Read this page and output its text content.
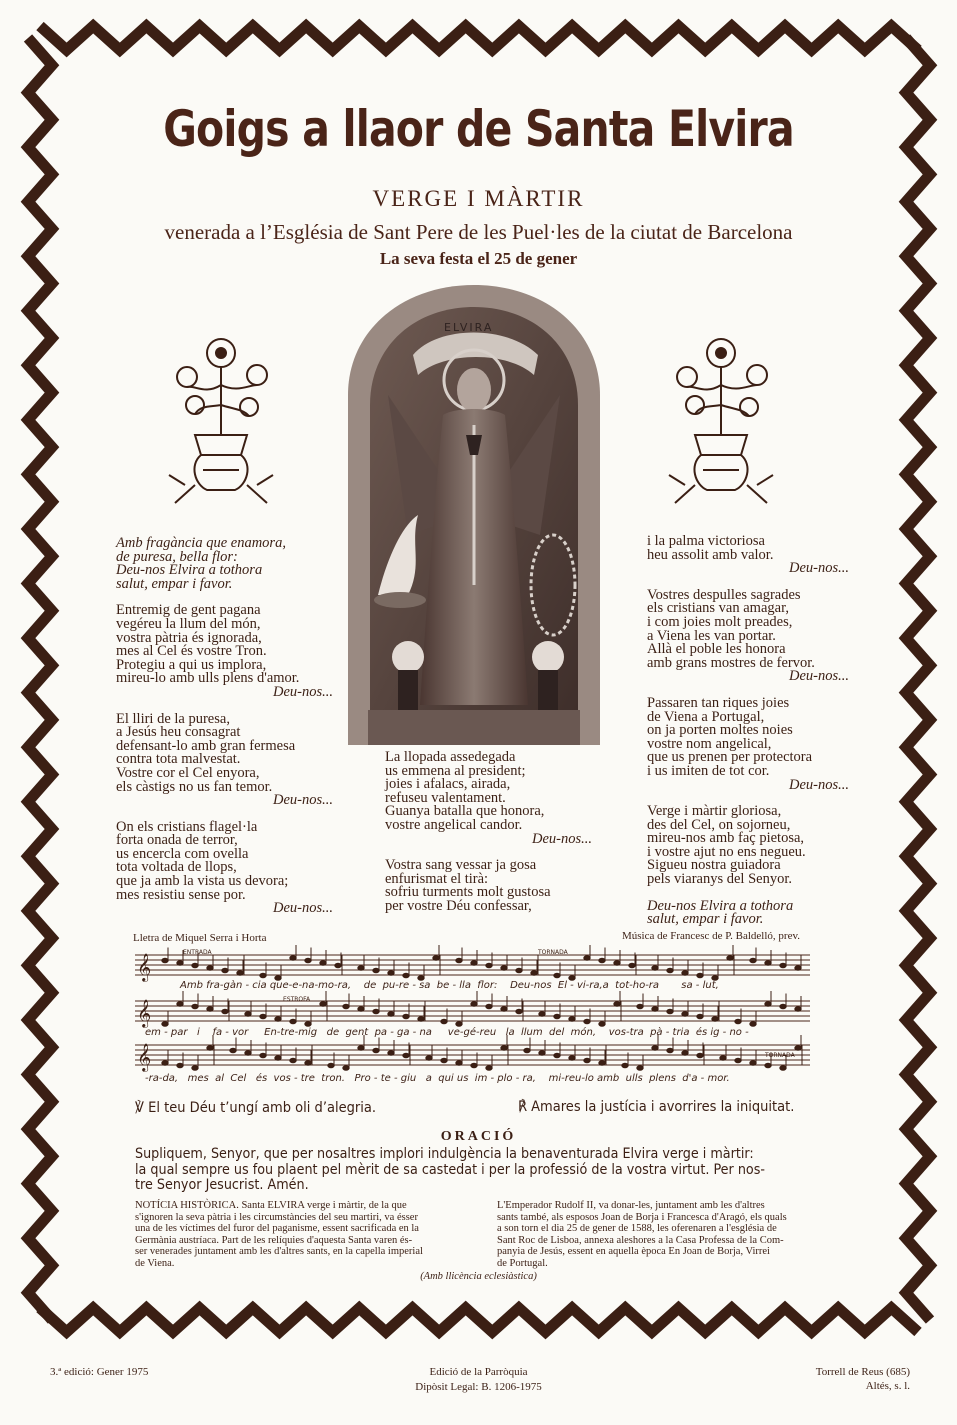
Goigs a llaor de Santa Elvira
VERGE I MÀRTIR
venerada a l’Església de Sant Pere de les Puel·les de la ciutat de Barcelona
La seva festa el 25 de gener
ELVIRA
Amb fragància que enamora,
de puresa, bella flor:
Deu-nos Elvira a tothora
salut, empar i favor.
Entremig de gent pagana
vegéreu la llum del món,
vostra pàtria és ignorada,
mes al Cel és vostre Tron.
Protegiu a qui us implora,
mireu-lo amb ulls plens d'amor.
Deu-nos...
El lliri de la puresa,
a Jesús heu consagrat
defensant-lo amb gran fermesa
contra tota malvestat.
Vostre cor el Cel enyora,
els càstigs no us fan temor.
Deu-nos...
On els cristians flagel·la
forta onada de terror,
us encercla com ovella
tota voltada de llops,
que ja amb la vista us devora;
mes resistiu sense por.
Deu-nos...
La llopada assedegada
us emmena al president;
joies i afalacs, airada,
refuseu valentament.
Guanya batalla que honora,
vostre angelical candor.
Deu-nos...
Vostra sang vessar ja gosa
enfurismat el tirà:
sofriu turments molt gustosa
per vostre Déu confessar,
i la palma victoriosa
heu assolit amb valor.
Deu-nos...
Vostres despulles sagrades
els cristians van amagar,
i com joies molt preades,
a Viena les van portar.
Allà el poble les honora
amb grans mostres de fervor.
Deu-nos...
Passaren tan riques joies
de Viena a Portugal,
on ja porten moltes noies
vostre nom angelical,
que us prenen per protectora
i us imiten de tot cor.
Deu-nos...
Verge i màrtir gloriosa,
des del Cel, on sojorneu,
mireu-nos amb faç pietosa,
i vostre ajut no ens negueu.
Sigueu nostra guiadora
pels viaranys del Senyor.
Deu-nos Elvira a tothora
salut, empar i favor.
Lletra de Miquel Serra i Horta	Música de Francesc de P. Baldelló, prev.
𝄞
𝄞
𝄞
ENTRADA	TORNADA
ESTROFA
TORNADA
Amb fra-gàn - cia que-e-na-mo-ra,    de  pu-re - sa  be - lla  flor:    Deu-nos  El - vi-ra,a  tot-ho-ra       sa - lut,
em - par   i    fa - vor     En-tre-mig   de  gent  pa - ga - na     ve-gé-reu   la  llum  del  món,    vos-tra  pà - tria  és ig - no -
-ra-da,   mes  al  Cel   és  vos - tre  tron.   Pro - te - giu   a  qui us  im - plo - ra,    mi-reu-lo amb  ulls  plens  d'a - mor.
℣ El teu Déu t’ungí amb oli d’alegria.	℟ Amares la justícia i avorrires la iniquitat.
ORACIÓ
Supliquem, Senyor, que per nosaltres implori indulgència la benaventurada Elvira verge i màrtir:
la qual sempre us fou plaent pel mèrit de sa castedat i per la professió de la vostra virtut. Per nos-
tre Senyor Jesucrist. Amén.
NOTÍCIA HISTÒRICA. Santa ELVIRA verge i màrtir, de la que
s'ignoren la seva pàtria i les circumstàncies del seu martiri, va ésser
una de les víctimes del furor del paganisme, essent sacrificada en la
Germània austríaca. Part de les relíquies d'aquesta Santa varen és-
ser venerades juntament amb les d'altres sants, en la capella imperial
de Viena.
L'Emperador Rudolf II, va donar-les, juntament amb les d'altres
sants també, als esposos Joan de Borja i Francesca d'Aragó, els quals
a son torn el dia 25 de gener de 1588, les oferenaren a l'església de
Sant Roc de Lisboa, annexa aleshores a la Casa Professa de la Com-
panyia de Jesús, essent en aquella època En Joan de Borja, Virrei
de Portugal.
(Amb llicència eclesiàstica)
3.ª edició: Gener 1975	Edició de la Parròquia
Dipòsit Legal: B. 1206-1975
Torrell de Reus (685)
Altés, s. l.
